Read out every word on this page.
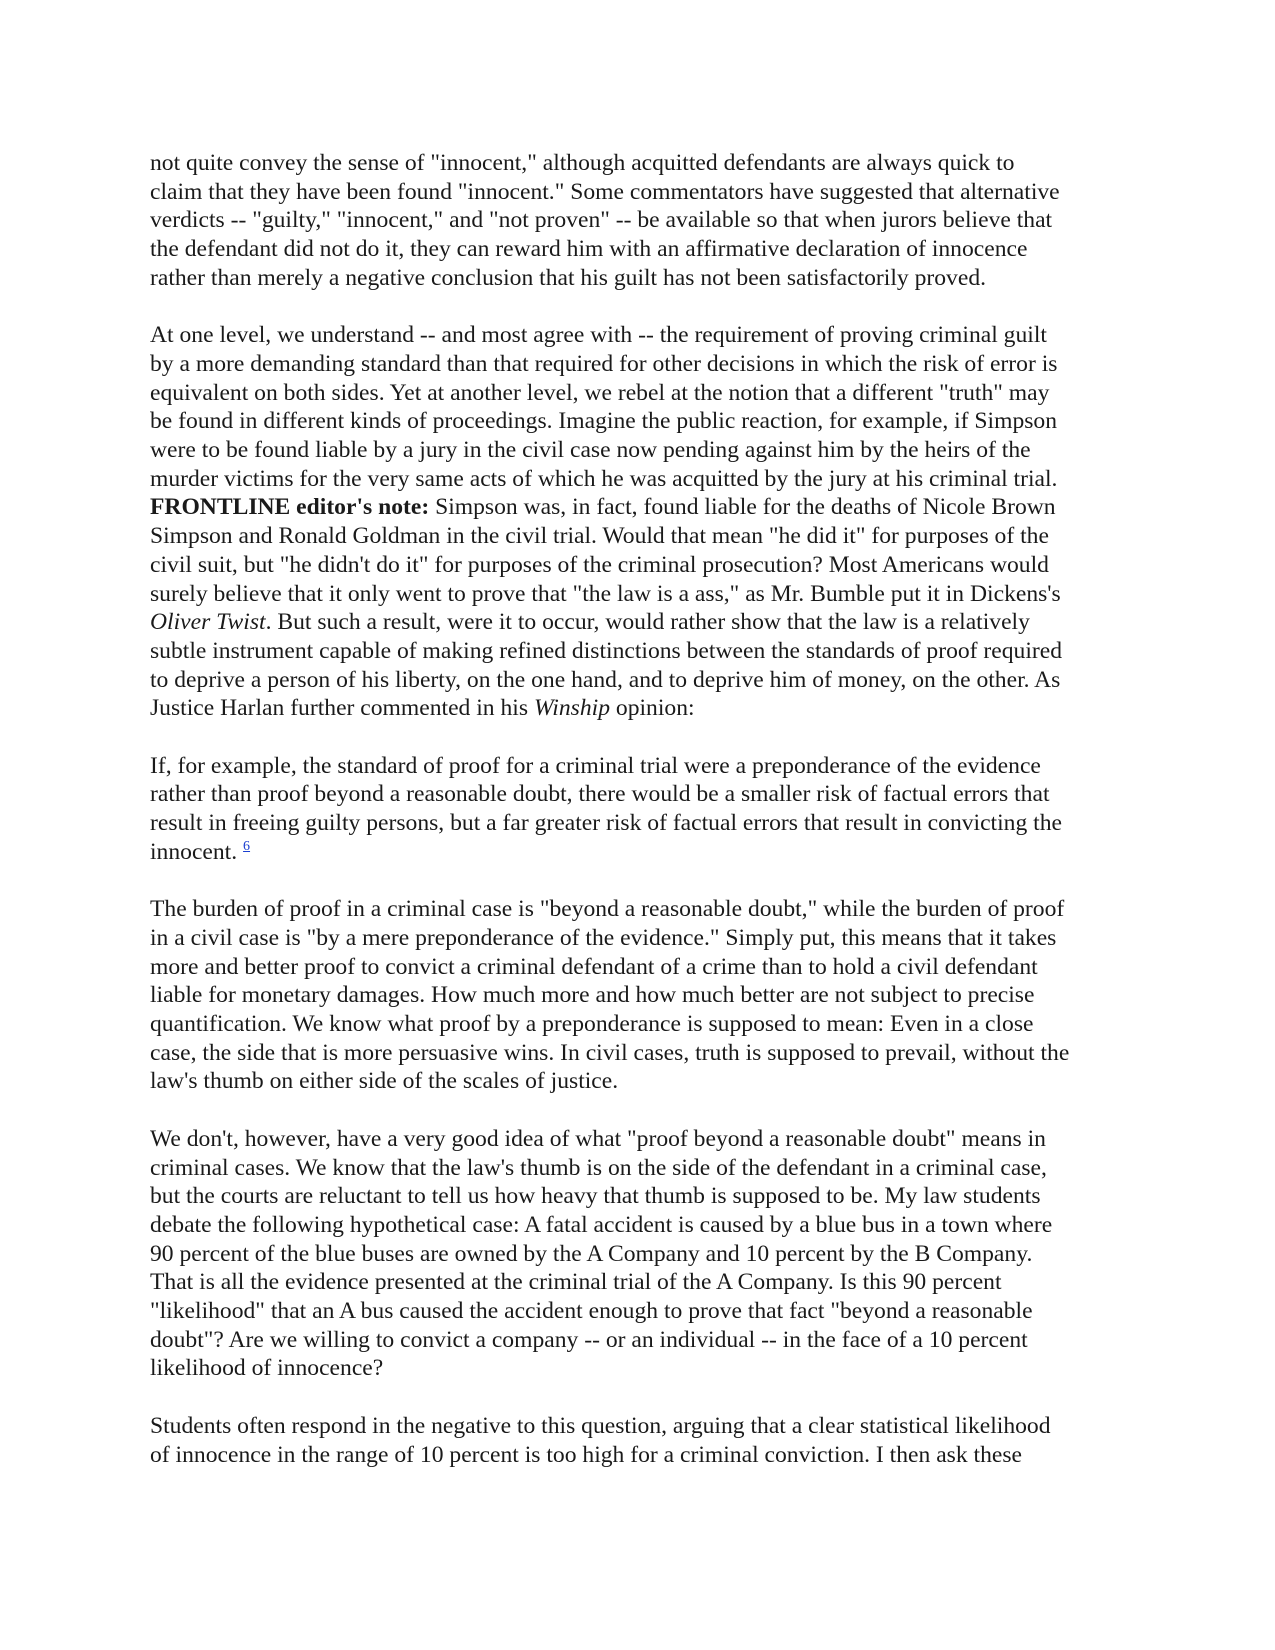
not quite convey the sense of "innocent," although acquitted defendants are always quick to
claim that they have been found "innocent." Some commentators have suggested that alternative
verdicts -- "guilty," "innocent," and "not proven" -- be available so that when jurors believe that
the defendant did not do it, they can reward him with an affirmative declaration of innocence
rather than merely a negative conclusion that his guilt has not been satisfactorily proved.

At one level, we understand -- and most agree with -- the requirement of proving criminal guilt
by a more demanding standard than that required for other decisions in which the risk of error is
equivalent on both sides. Yet at another level, we rebel at the notion that a different "truth" may
be found in different kinds of proceedings. Imagine the public reaction, for example, if Simpson
were to be found liable by a jury in the civil case now pending against him by the heirs of the
murder victims for the very same acts of which he was acquitted by the jury at his criminal trial.
FRONTLINE editor's note: Simpson was, in fact, found liable for the deaths of Nicole Brown
Simpson and Ronald Goldman in the civil trial. Would that mean "he did it" for purposes of the
civil suit, but "he didn't do it" for purposes of the criminal prosecution? Most Americans would
surely believe that it only went to prove that "the law is a ass," as Mr. Bumble put it in Dickens's
Oliver Twist. But such a result, were it to occur, would rather show that the law is a relatively
subtle instrument capable of making refined distinctions between the standards of proof required
to deprive a person of his liberty, on the one hand, and to deprive him of money, on the other. As
Justice Harlan further commented in his Winship opinion:

If, for example, the standard of proof for a criminal trial were a preponderance of the evidence
rather than proof beyond a reasonable doubt, there would be a smaller risk of factual errors that
result in freeing guilty persons, but a far greater risk of factual errors that result in convicting the
innocent. $^6$

The burden of proof in a criminal case is "beyond a reasonable doubt," while the burden of proof
in a civil case is "by a mere preponderance of the evidence." Simply put, this means that it takes
more and better proof to convict a criminal defendant of a crime than to hold a civil defendant
liable for monetary damages. How much more and how much better are not subject to precise
quantification. We know what proof by a preponderance is supposed to mean: Even in a close
case, the side that is more persuasive wins. In civil cases, truth is supposed to prevail, without the
law's thumb on either side of the scales of justice.

We don't, however, have a very good idea of what "proof beyond a reasonable doubt" means in
criminal cases. We know that the law's thumb is on the side of the defendant in a criminal case,
but the courts are reluctant to tell us how heavy that thumb is supposed to be. My law students
debate the following hypothetical case: A fatal accident is caused by a blue bus in a town where
90 percent of the blue buses are owned by the A Company and 10 percent by the B Company.
That is all the evidence presented at the criminal trial of the A Company. Is this 90 percent
"likelihood" that an A bus caused the accident enough to prove that fact "beyond a reasonable
doubt"? Are we willing to convict a company -- or an individual -- in the face of a 10 percent
likelihood of innocence?

Students often respond in the negative to this question, arguing that a clear statistical likelihood
of innocence in the range of 10 percent is too high for a criminal conviction. I then ask these
